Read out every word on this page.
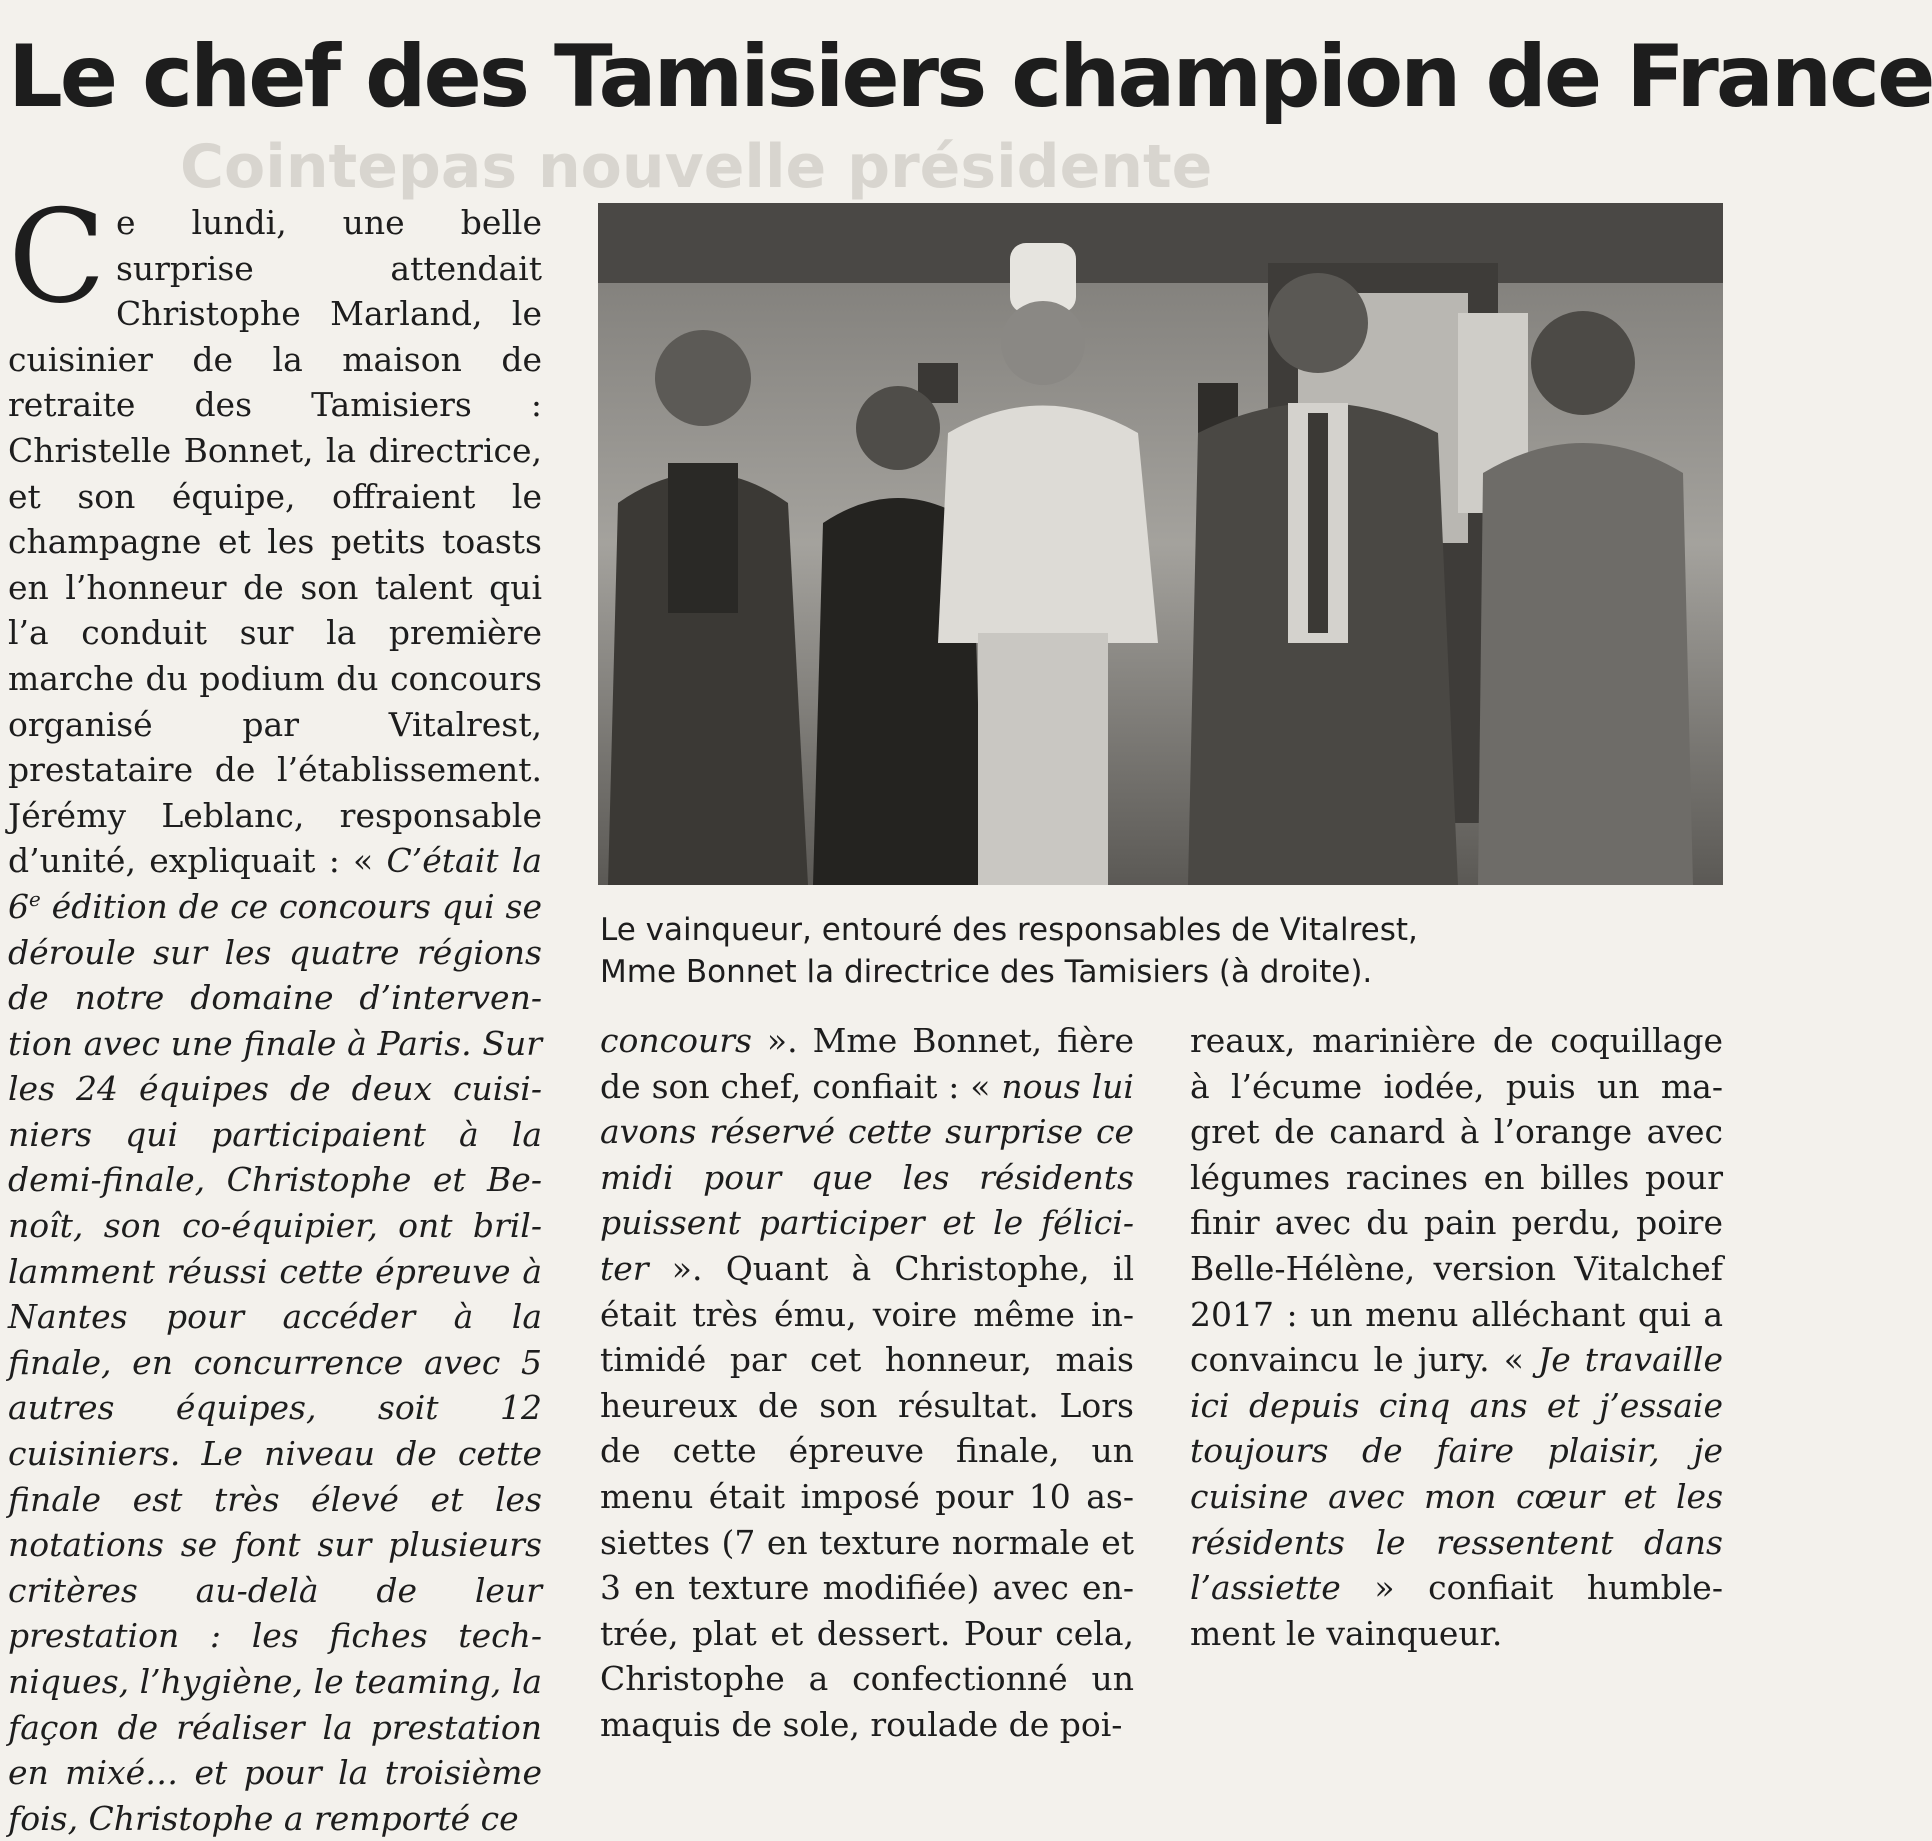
Le chef des Tamisiers champion de France

Ce lundi, une belle surprise attendait Christophe Marland, le cuisinier de la maison de retraite des Tamisiers : Christelle Bonnet, la directrice, et son équipe, offraient le champagne et les petits toasts en l’honneur de son talent qui l’a conduit sur la première marche du podium du concours organisé par Vitalrest, prestataire de l’établissement. Jérémy Leblanc, responsable d’unité, expliquait : « C’était la 6e édition de ce concours qui se déroule sur les quatre régions de notre domaine d’intervention avec une finale à Paris. Sur les 24 équipes de deux cuisiniers qui participaient à la demi-finale, Christophe et Benoît, son co-équipier, ont brillamment réussi cette épreuve à Nantes pour accéder à la finale, en concurrence avec 5 autres équipes, soit 12 cuisiniers. Le niveau de cette finale est très élevé et les notations se font sur plusieurs critères au-delà de leur prestation : les fiches techniques, l’hygiène, le teaming, la façon de réaliser la prestation en mixé… et pour la troisième fois, Christophe a remporté ce

Le vainqueur, entouré des responsables de Vitalrest,
Mme Bonnet la directrice des Tamisiers (à droite).

concours ». Mme Bonnet, fière de son chef, confiait : « nous lui avons réservé cette surprise ce midi pour que les résidents puissent participer et le féliciter ». Quant à Christophe, il était très ému, voire même intimidé par cet honneur, mais heureux de son résultat. Lors de cette épreuve finale, un menu était imposé pour 10 assiettes (7 en texture normale et 3 en texture modifiée) avec entrée, plat et dessert. Pour cela, Christophe a confectionné un maquis de sole, roulade de poi-

reaux, marinière de coquillage à l’écume iodée, puis un magret de canard à l’orange avec légumes racines en billes pour finir avec du pain perdu, poire Belle-Hélène, version Vitalchef 2017 : un menu alléchant qui a convaincu le jury. « Je travaille ici depuis cinq ans et j’essaie toujours de faire plaisir, je cuisine avec mon cœur et les résidents le ressentent dans l’assiette » confiait humblement le vainqueur.

Cointepas nouvelle présidente
